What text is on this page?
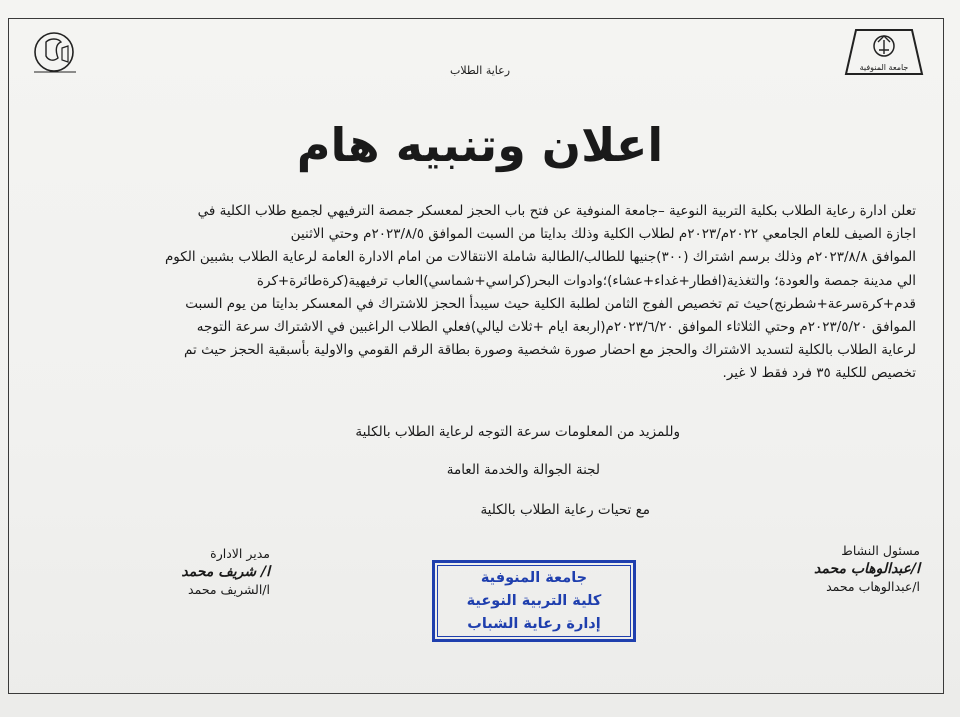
جامعة المنوفية
رعاية الطلاب
اعلان وتنبيه هام
تعلن ادارة رعاية الطلاب بكلية التربية النوعية –جامعة المنوفية عن فتح باب الحجز لمعسكر جمصة الترفيهي لجميع طلاب الكلية في
اجازة الصيف للعام الجامعي ٢٠٢٢م/٢٠٢٣م لطلاب الكلية وذلك بدايتا من السبت الموافق ٢٠٢٣/٨/٥م وحتي الاثنين
الموافق ٢٠٢٣/٨/٨م وذلك برسم اشتراك (٣٠٠)جنيها للطالب/الطالبة شاملة الانتقالات من امام الادارة العامة لرعاية الطلاب بشبين الكوم
الي مدينة جمصة والعودة؛ والتغذية(افطار+غداء+عشاء)؛وادوات البحر(كراسي+شماسي)العاب ترفيهية(كرةطائرة+كرة
قدم+كرةسرعة+شطرنج)حيث تم تخصيص الفوج الثامن لطلبة الكلية حيث سيبدأ الحجز للاشتراك في المعسكر بدايتا من يوم السبت
الموافق ٢٠٢٣/٥/٢٠م وحتي الثلاثاء الموافق ٢٠٢٣/٦/٢٠م(اربعة ايام +ثلاث ليالي)فعلي الطلاب الراغبين في الاشتراك سرعة التوجه
لرعاية الطلاب بالكلية لتسديد الاشتراك والحجز مع احضار صورة شخصية وصورة بطاقة الرقم القومي والاولية بأسبقية الحجز حيث تم
تخصيص للكلية ٣٥ فرد فقط لا غير.
وللمزيد من المعلومات سرعة التوجه لرعاية الطلاب بالكلية
لجنة الجوالة والخدمة العامة
مع تحيات رعاية الطلاب بالكلية
مسئول النشاط
ا/عبدالوهاب محمد
ا/عبدالوهاب محمد
مدير الادارة
ا/ شريف محمد
ا/الشريف محمد
جامعة المنوفية
كلية التربية النوعية
إدارة رعاية الشباب
